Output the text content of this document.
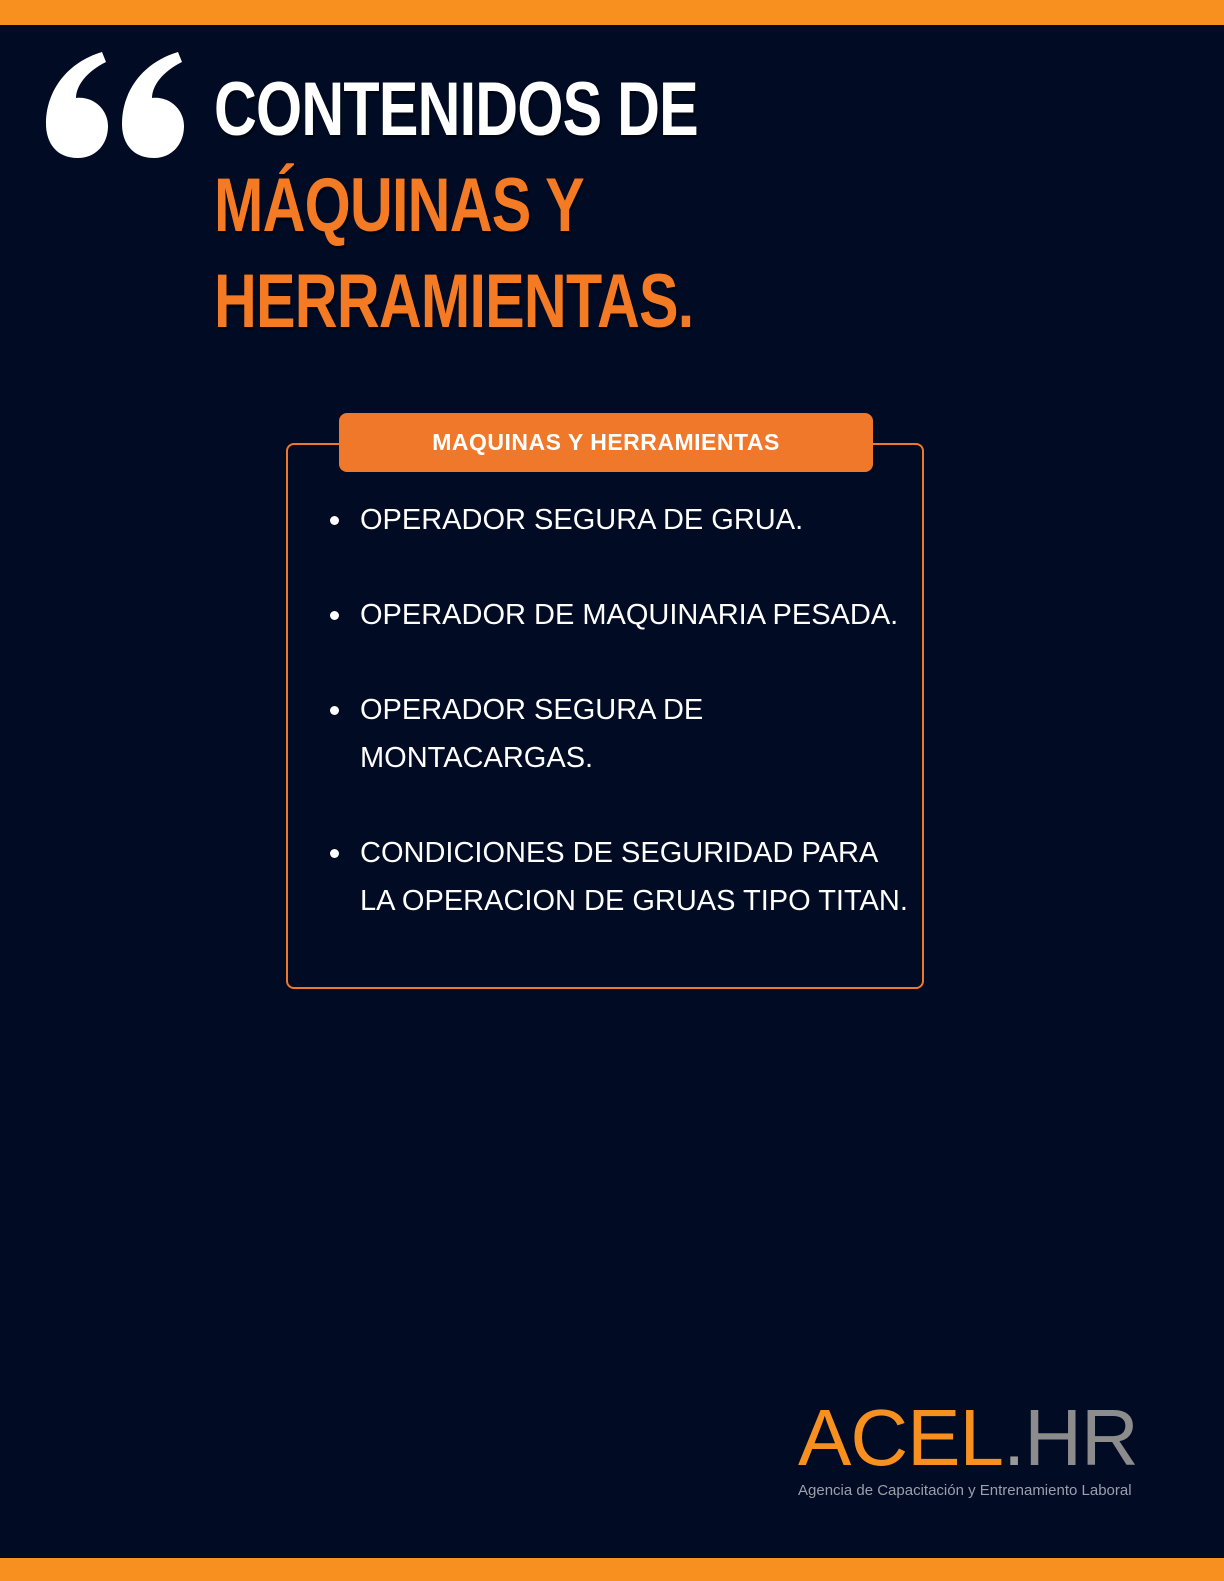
CONTENIDOS DE MÁQUINAS Y
HERRAMIENTAS.
MAQUINAS Y HERRAMIENTAS
OPERADOR SEGURA DE GRUA.
OPERADOR DE MAQUINARIA PESADA.
OPERADOR SEGURA DE MONTACARGAS.
CONDICIONES DE SEGURIDAD PARA LA OPERACION DE GRUAS TIPO TITAN.
ACEL.HR
Agencia de Capacitación y Entrenamiento Laboral
